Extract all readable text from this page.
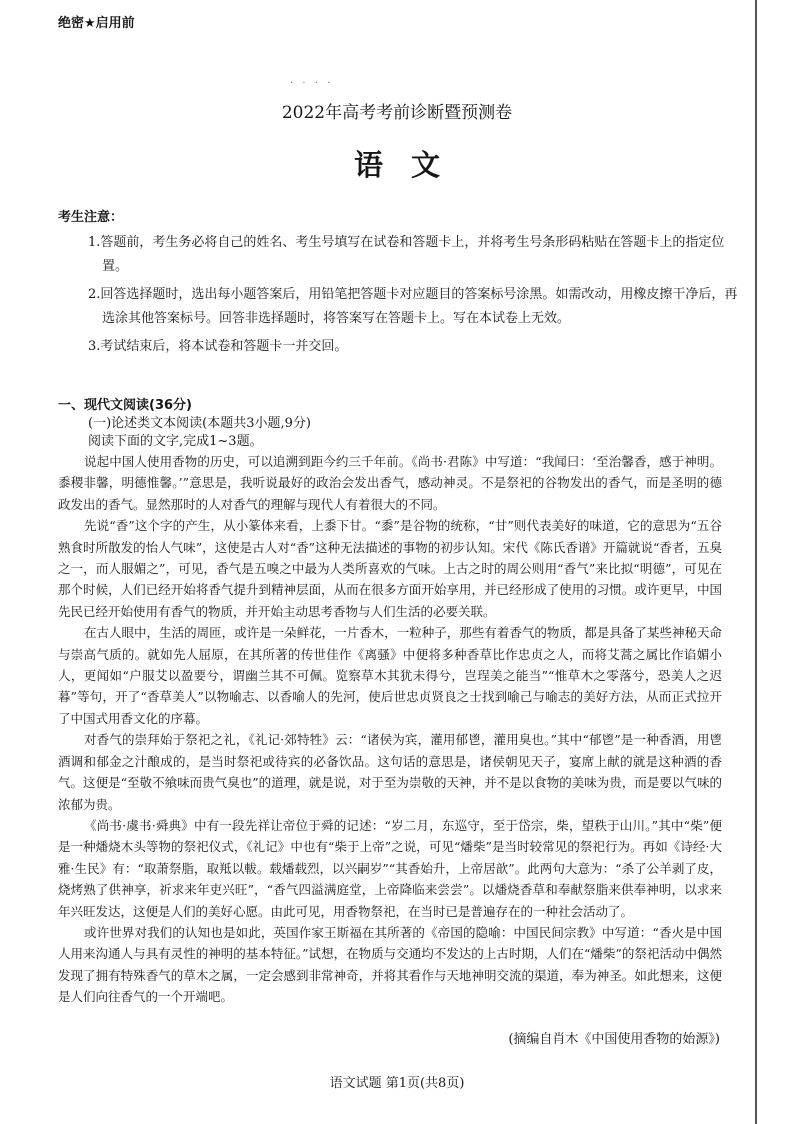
绝密★启用前
· · · ·
2022年高考考前诊断暨预测卷
语文
考生注意：
1.答题前，考生务必将自己的姓名、考生号填写在试卷和答题卡上，并将考生号条形码粘贴在答题卡上的指定位置。
2.回答选择题时，选出每小题答案后，用铅笔把答题卡对应题目的答案标号涂黑。如需改动，用橡皮擦干净后，再选涂其他答案标号。回答非选择题时，将答案写在答题卡上。写在本试卷上无效。
3.考试结束后，将本试卷和答题卡一并交回。
一、现代文阅读(36分)
(一)论述类文本阅读(本题共3小题,9分)
阅读下面的文字,完成1~3题。

说起中国人使用香物的历史，可以追溯到距今约三千年前。《尚书·君陈》中写道：“我闻曰：‘至治馨香，感于神明。黍稷非馨，明德惟馨。’”意思是，我听说最好的政治会发出香气，感动神灵。不是祭祀的谷物发出的香气，而是圣明的德政发出的香气。显然那时的人对香气的理解与现代人有着很大的不同。

先说“香”这个字的产生，从小篆体来看，上黍下甘。“黍”是谷物的统称，“甘”则代表美好的味道，它的意思为“五谷熟食时所散发的怡人气味”，这使是古人对“香”这种无法描述的事物的初步认知。宋代《陈氏香谱》开篇就说“香者，五臭之一，而人服媚之”，可见，香气是五嗅之中最为人类所喜欢的气味。上古之时的周公则用“香气”来比拟“明德”，可见在那个时候，人们已经开始将香气提升到精神层面，从而在很多方面开始享用，并已经形成了使用的习惯。或许更早，中国先民已经开始使用有香气的物质，并开始主动思考香物与人们生活的必要关联。

在古人眼中，生活的周匝，或许是一朵鲜花，一片香木，一粒种子，那些有着香气的物质，都是具备了某些神秘天命与崇高气质的。就如先人屈原，在其所著的传世佳作《离骚》中便将多种香草比作忠贞之人，而将艾蒿之属比作谄媚小人，更闻如“户服艾以盈要兮，谓幽兰其不可佩。览察草木其犹未得兮，岂珵美之能当”“惟草木之零落兮，恐美人之迟暮”等句，开了“香草美人”以物喻志、以香喻人的先河，使后世忠贞贤良之士找到喻己与喻志的美好方法，从而正式拉开了中国式用香文化的序幕。

对香气的崇拜始于祭祀之礼，《礼记·郊特牲》云：“诸侯为宾，灌用郁鬯，灌用臭也。”其中“郁鬯”是一种香酒，用鬯酒调和郁金之汁酿成的，是当时祭祀或待宾的必备饮品。这句话的意思是，诸侯朝见天子，宴席上献的就是这种酒的香气。这便是“至敬不飨味而贵气臭也”的道理，就是说，对于至为崇敬的天神，并不是以食物的美味为贵，而是要以气味的浓郁为贵。

《尚书·虞书·舜典》中有一段先祥让帝位于舜的记述：“岁二月，东巡守，至于岱宗，柴，望秩于山川。”其中“柴”便是一种燔烧木头等物的祭祀仪式，《礼记》中也有“柴于上帝”之说，可见“燔柴”是当时较常见的祭祀行为。再如《诗经·大雅·生民》有：“取萧祭脂，取羝以軷。载燔载烈，以兴嗣岁”“其香始升，上帝居歆”。此两句大意为：“杀了公羊剥了皮，烧烤熟了供神享，祈求来年吏兴旺”，“香气四溢满庭堂，上帝降临来尝尝”。以燔烧香草和奉献祭脂来供奉神明，以求来年兴旺发达，这便是人们的美好心愿。由此可见，用香物祭祀，在当时已是普遍存在的一种社会活动了。

或许世界对我们的认知也是如此，英国作家王斯福在其所著的《帝国的隐喻：中国民间宗教》中写道：“香火是中国人用来沟通人与具有灵性的神明的基本特征。”试想，在物质与交通均不发达的上古时期，人们在“燔柴”的祭祀活动中偶然发现了拥有特殊香气的草木之属，一定会感到非常神奇，并将其看作与天地神明交流的渠道，奉为神圣。如此想来，这便是人们向往香气的一个开端吧。

(摘编自肖木《中国使用香物的始源》)
语文试题 第1页(共8页)
